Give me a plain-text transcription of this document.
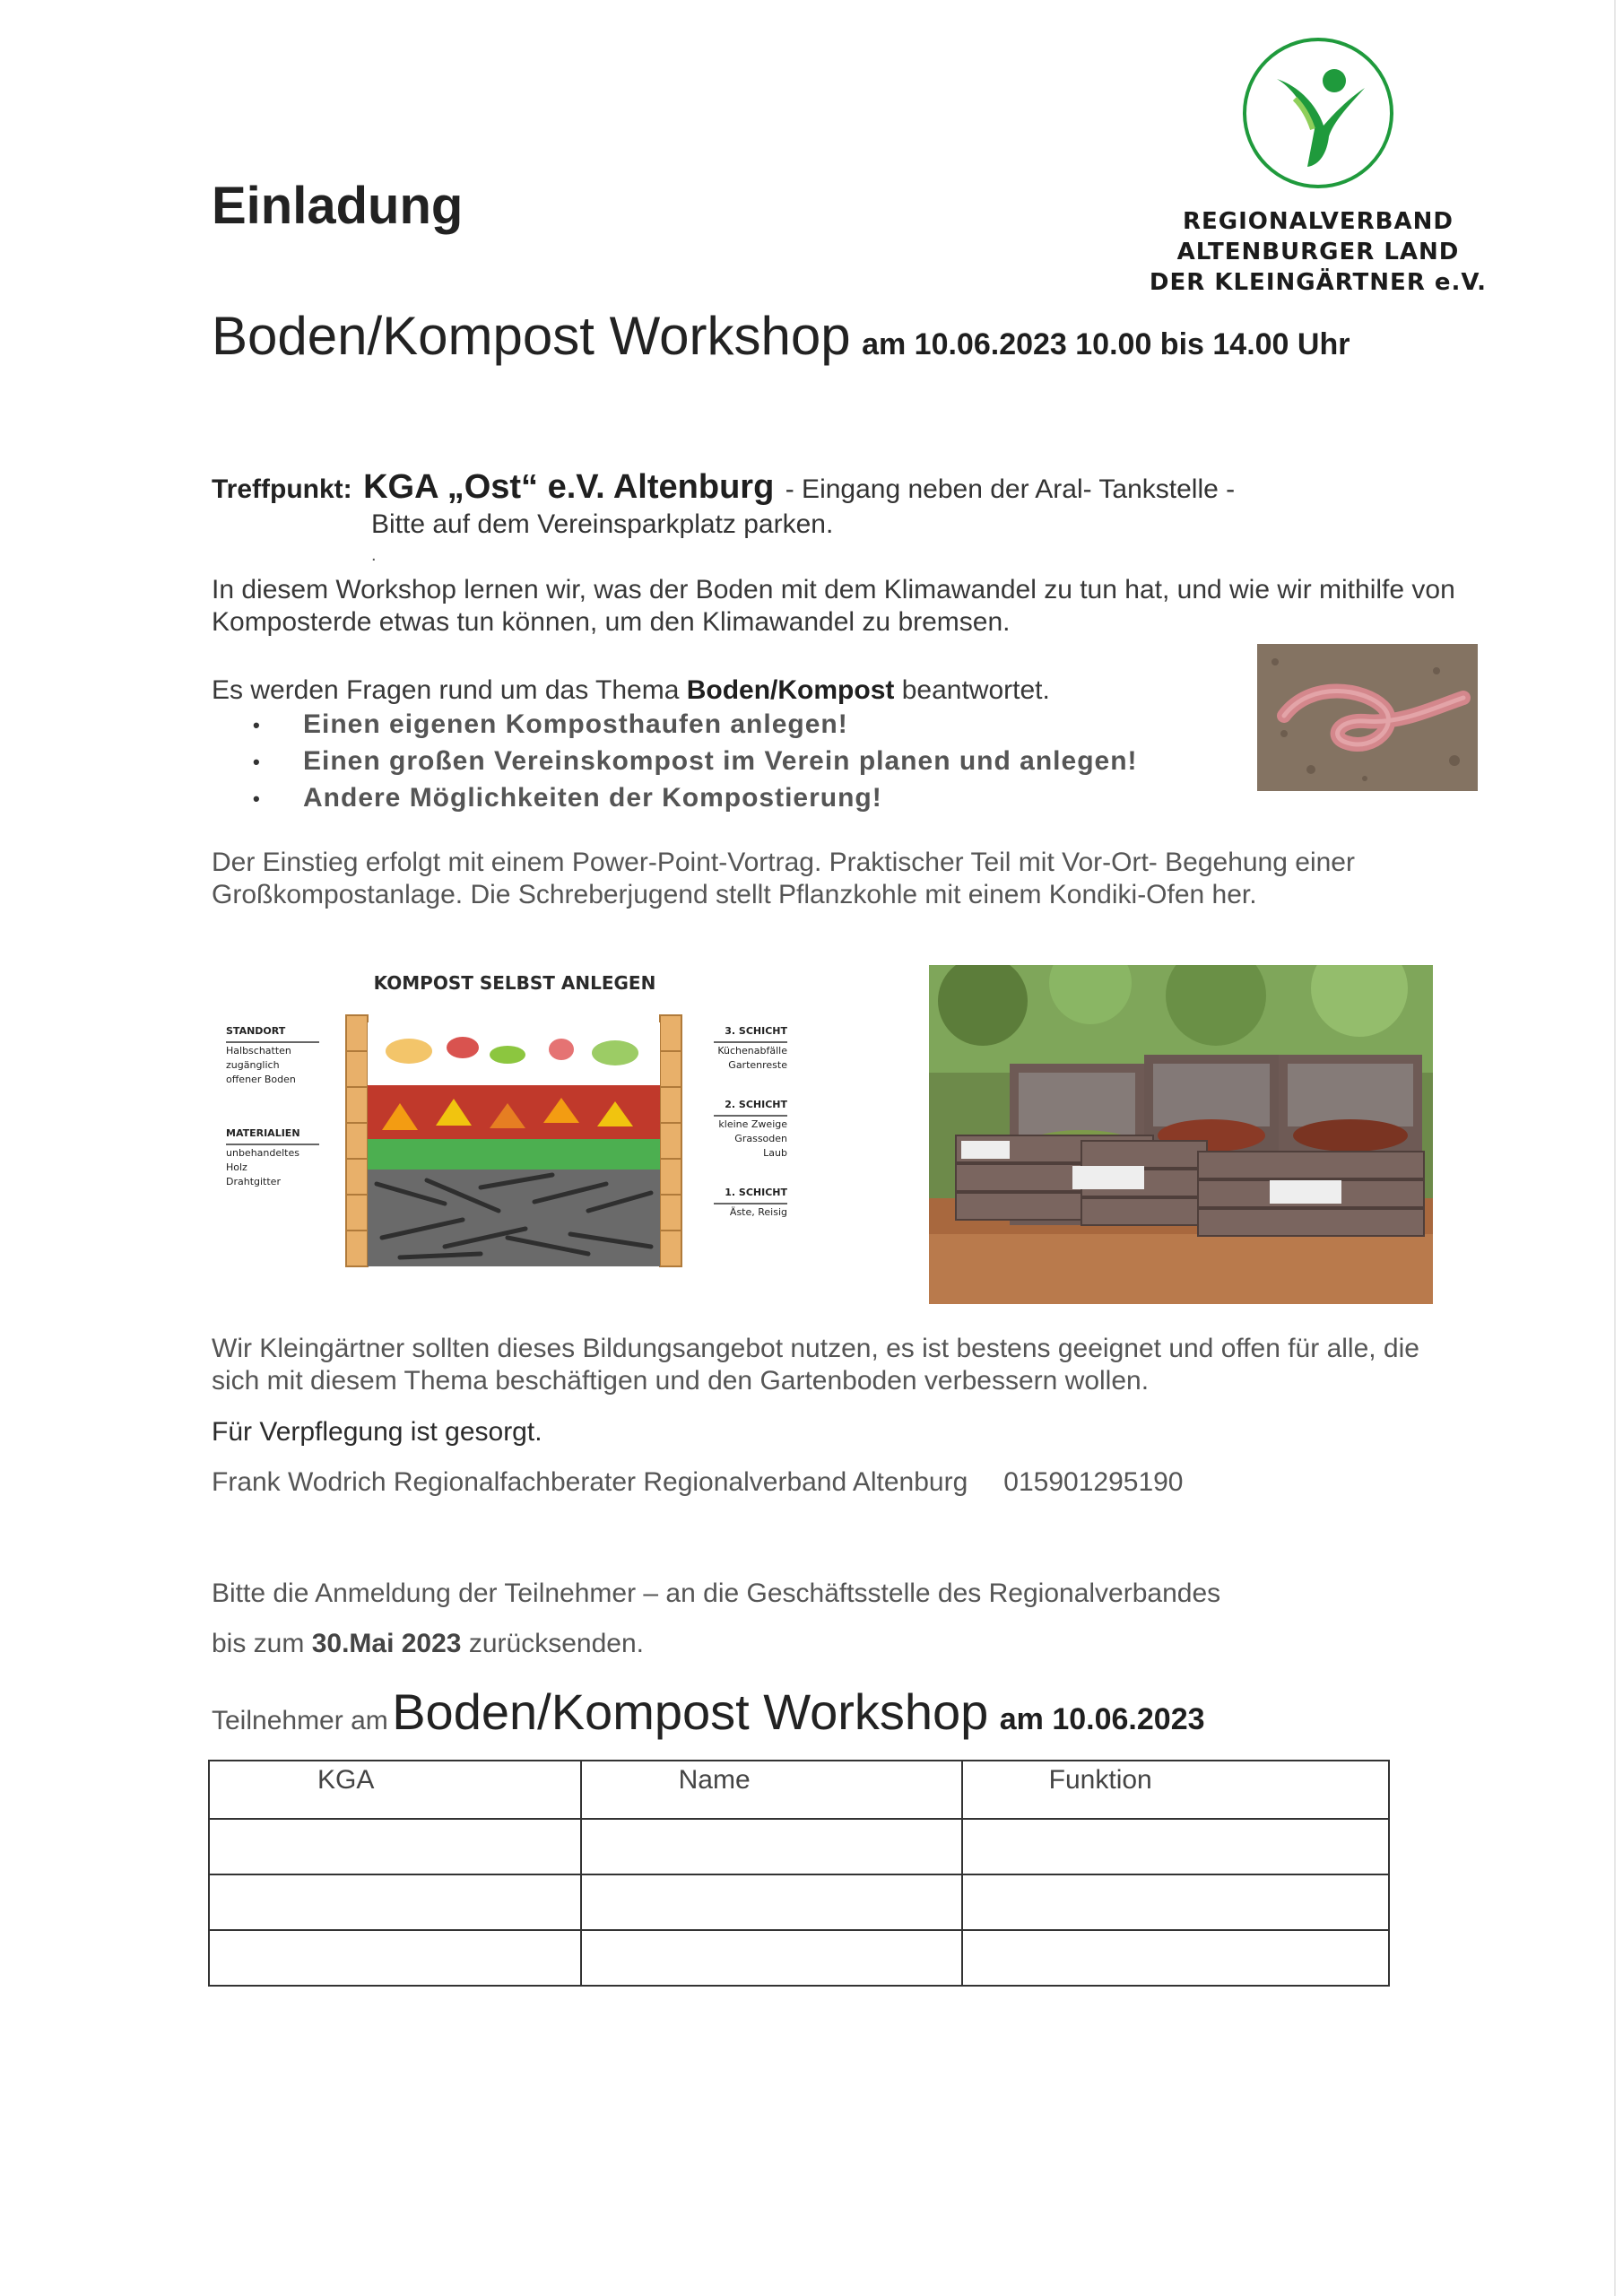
REGIONALVERBAND
ALTENBURGER LAND
DER KLEINGÄRTNER e.V.
Einladung
Boden/Kompost Workshop am 10.06.2023 10.00 bis 14.00 Uhr
Treffpunkt: KGA „Ost“ e.V. Altenburg - Eingang neben der Aral- Tankstelle -
Bitte auf dem Vereinsparkplatz parken.
.
In diesem Workshop lernen wir, was der Boden mit dem Klimawandel zu tun hat, und wie wir mithilfe von Komposterde etwas tun können, um den Klimawandel zu bremsen.
Es werden Fragen rund um das Thema Boden/Kompost beantwortet.
• Einen eigenen Komposthaufen anlegen!
• Einen großen Vereinskompost im Verein planen und anlegen!
• Andere Möglichkeiten der Kompostierung!
Der Einstieg erfolgt mit einem Power-Point-Vortrag. Praktischer Teil mit Vor-Ort- Begehung einer Großkompostanlage. Die Schreberjugend stellt Pflanzkohle mit einem Kondiki-Ofen her.
KOMPOST SELBST ANLEGEN
STANDORT
Halbschatten
zugänglich
offener Boden
MATERIALIEN
unbehandeltes
Holz
Drahtgitter
3. SCHICHT
Küchenabfälle
Gartenreste
2. SCHICHT
kleine Zweige
Grassoden
Laub
1. SCHICHT
Äste, Reisig
Wir Kleingärtner sollten dieses Bildungsangebot nutzen, es ist bestens geeignet und offen für alle, die sich mit diesem Thema beschäftigen und den Gartenboden verbessern wollen.
Für Verpflegung ist gesorgt.
Frank Wodrich Regionalfachberater Regionalverband Altenburg 015901295190
Bitte die Anmeldung der Teilnehmer – an die Geschäftsstelle des Regionalverbandes
bis zum 30.Mai 2023 zurücksenden.
Teilnehmer am Boden/Kompost Workshop am 10.06.2023
KGA	Name	Funktion
